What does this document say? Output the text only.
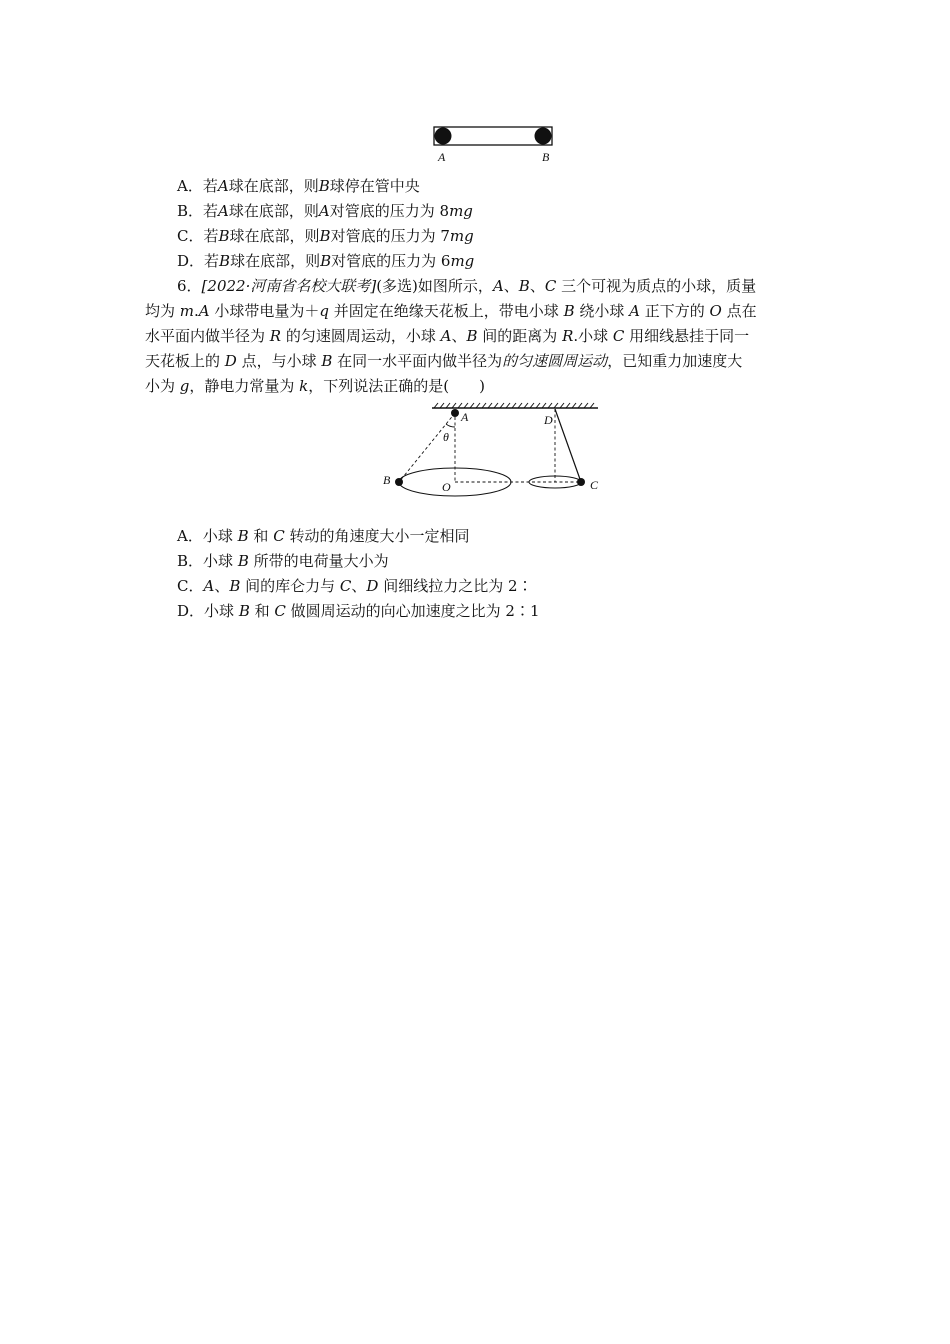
A	B
A．若A球在底部，则B球停在管中央
B．若A球在底部，则A对管底的压力为 8mg
C．若B球在底部，则B对管底的压力为 7mg
D．若B球在底部，则B对管底的压力为 6mg
6．[2022·河南省名校大联考](多选)如图所示，A、B、C 三个可视为质点的小球，质量
均为 m.A 小球带电量为＋q 并固定在绝缘天花板上，带电小球 B 绕小球 A 正下方的 O 点在
水平面内做半径为 R 的匀速圆周运动，小球 A、B 间的距离为 R.小球 C 用细线悬挂于同一
天花板上的 D 点，与小球 B 在同一水平面内做半径为的匀速圆周运动，已知重力加速度大
小为 g，静电力常量为 k，下列说法正确的是(　　)
A
θ
B	O
D
C
A．小球 B 和 C 转动的角速度大小一定相同
B．小球 B 所带的电荷量大小为
C．A、B 间的库仑力与 C、D 间细线拉力之比为 2∶
D．小球 B 和 C 做圆周运动的向心加速度之比为 2∶1
